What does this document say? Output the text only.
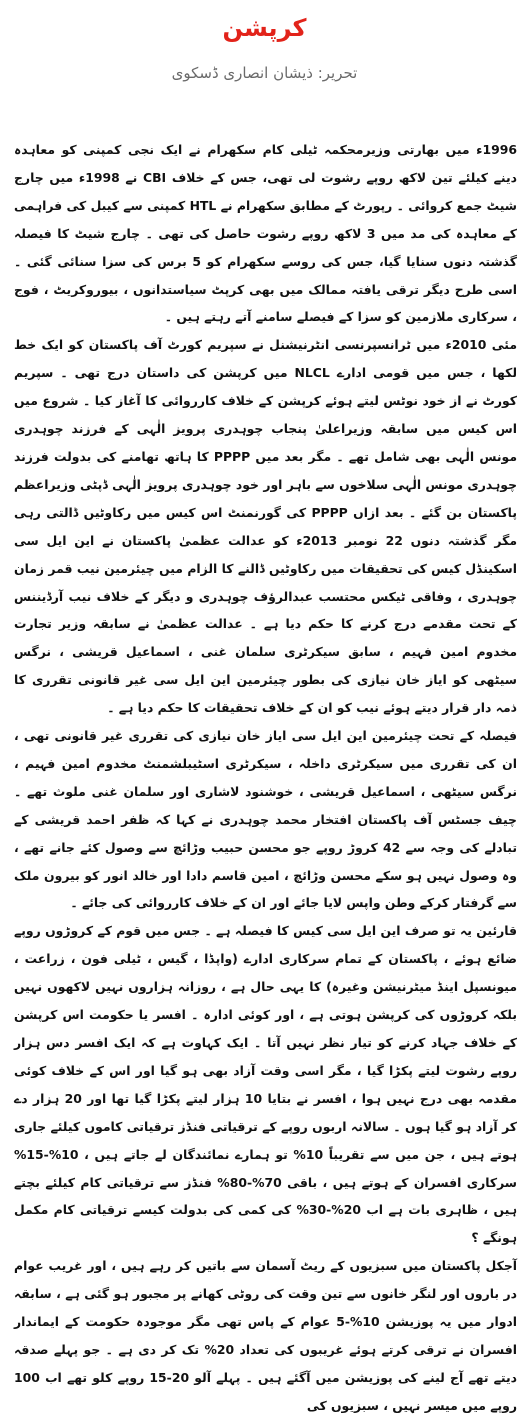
کرپشن

تحریر: ذیشان انصاری ڈسکوی

1996ء میں بھارتی وزیرمحکمہ ٹیلی کام سکھرام نے ایک نجی کمپنی کو معاہدہ دینے کیلئے تین لاکھ روپے رشوت لی تھی، جس کے خلاف CBI نے 1998ء میں چارج شیٹ جمع کروائی ۔ رپورٹ کے مطابق سکھرام نے HTL کمپنی سے کیبل کی فراہمی کے معاہدہ کی مد میں 3 لاکھ روپے رشوت حاصل کی تھی ۔ چارج شیٹ کا فیصلہ گذشتہ دنوں سنایا گیا، جس کی روسے سکھرام کو 5 برس کی سزا سنائی گئی ۔ اسی طرح دیگر ترقی یافتہ ممالک میں بھی کرپٹ سیاستدانوں ، بیوروکریٹ ، فوج ، سرکاری ملازمین کو سزا کے فیصلے سامنے آتے رہتے ہیں ۔

مئی 2010ء میں ٹرانسپرنسی انٹرنیشنل نے سپریم کورٹ آف پاکستان کو ایک خط لکھا ، جس میں قومی ادارے NLCL میں کرپشن کی داستان درج تھی ۔ سپریم کورٹ نے از خود نوٹس لیتے ہوئے کرپشن کے خلاف کارروائی کا آغاز کیا ۔ شروع میں اس کیس میں سابقہ وزیراعلیٰ پنجاب چوہدری پرویز الٰہی کے فرزند چوہدری مونس الٰہی بھی شامل تھے ۔ مگر بعد میں PPPP کا ہاتھ تھامنے کی بدولت فرزند چوہدری مونس الٰہی سلاخوں سے باہر اور خود چوہدری پرویز الٰہی ڈپٹی وزیراعظم پاکستان بن گئے ۔ بعد ازاں PPPP کی گورنمنٹ اس کیس میں رکاوٹیں ڈالتی رہی مگر گذشتہ دنوں 22 نومبر 2013ء کو عدالت عظمیٰ پاکستان نے این ایل سی اسکینڈل کیس کی تحقیقات میں رکاوٹیں ڈالنے کا الزام میں چیئرمین نیب قمر زمان چوہدری ، وفاقی ٹیکس محتسب عبدالرؤف چوہدری و دیگر کے خلاف نیب آرڈیننس کے تحت مقدمے درج کرنے کا حکم دیا ہے ۔ عدالت عظمیٰ نے سابقہ وزیر تجارت مخدوم امین فہیم ، سابق سیکرٹری سلمان غنی ، اسماعیل قریشی ، نرگس سیٹھی کو ایاز خان نیازی کی بطور چیئرمین این ایل سی غیر قانونی تقرری کا ذمہ دار قرار دیتے ہوئے نیب کو ان کے خلاف تحقیقات کا حکم دیا ہے ۔

فیصلہ کے تحت چیئرمین این ایل سی ایاز خان نیازی کی تقرری غیر قانونی تھی ، ان کی تقرری میں سیکرٹری داخلہ ، سیکرٹری اسٹیبلشمنٹ مخدوم امین فہیم ، نرگس سیٹھی ، اسماعیل قریشی ، خوشنود لاشاری اور سلمان غنی ملوث تھے ۔ چیف جسٹس آف پاکستان افتخار محمد چوہدری نے کہا کہ ظفر احمد قریشی کے تبادلے کی وجہ سے 42 کروڑ روپے جو محسن حبیب وڑائچ سے وصول کئے جانے تھے ، وہ وصول نہیں ہو سکے محسن وڑائچ ، امین قاسم دادا اور خالد انور کو بیرون ملک سے گرفتار کرکے وطن واپس لایا جائے اور ان کے خلاف کارروائی کی جائے ۔

قارئین یہ تو صرف این ایل سی کیس کا فیصلہ ہے ۔ جس میں قوم کے کروڑوں روپے ضائع ہوئے ، پاکستان کے تمام سرکاری ادارے (واپڈا ، گیس ، ٹیلی فون ، زراعت ، میونسپل اینڈ میٹرنیشن وغیرہ) کا یہی حال ہے ، روزانہ ہزاروں نہیں لاکھوں نہیں بلکہ کروڑوں کی کرپشن ہوتی ہے ، اور کوئی ادارہ ۔ افسر یا حکومت اس کرپشن کے خلاف جہاد کرنے کو تیار نظر نہیں آتا ۔ ایک کہاوت ہے کہ ایک افسر دس ہزار روپے رشوت لیتے پکڑا گیا ، مگر اسی وقت آزاد بھی ہو گیا اور اس کے خلاف کوئی مقدمہ بھی درج نہیں ہوا ، افسر نے بتایا 10 ہزار لیتے پکڑا گیا تھا اور 20 ہزار دے کر آزاد ہو گیا ہوں ۔ سالانہ اربوں روپے کے ترقیاتی فنڈز ترقیاتی کاموں کیلئے جاری ہوتے ہیں ، جن میں سے تقریباً 10% تو ہمارے نمائندگان لے جاتے ہیں ، 10%-15% سرکاری افسران کے ہوتے ہیں ، باقی 70%-80% فنڈز سے ترقیاتی کام کیلئے بچتے ہیں ، ظاہری بات ہے اب 20%-30% کی کمی کی بدولت کیسے ترقیاتی کام مکمل ہونگے ؟

آجکل پاکستان میں سبزیوں کے ریٹ آسمان سے باتیں کر رہے ہیں ، اور غریب عوام در باروں اور لنگر خانوں سے تین وقت کی روٹی کھانے پر مجبور ہو گئی ہے ، سابقہ ادوار میں یہ پوزیشن 10%-5 عوام کے پاس تھی مگر موجودہ حکومت کے ایماندار افسران نے ترقی کرتے ہوئے غریبوں کی تعداد 20% تک کر دی ہے ۔ جو پہلے صدقہ دیتے تھے آج لینے کی پوزیشن میں آگئے ہیں ۔ پہلے آلو 20-15 روپے کلو تھے اب 100 روپے میں میسر نہیں ، سبزیوں کی
